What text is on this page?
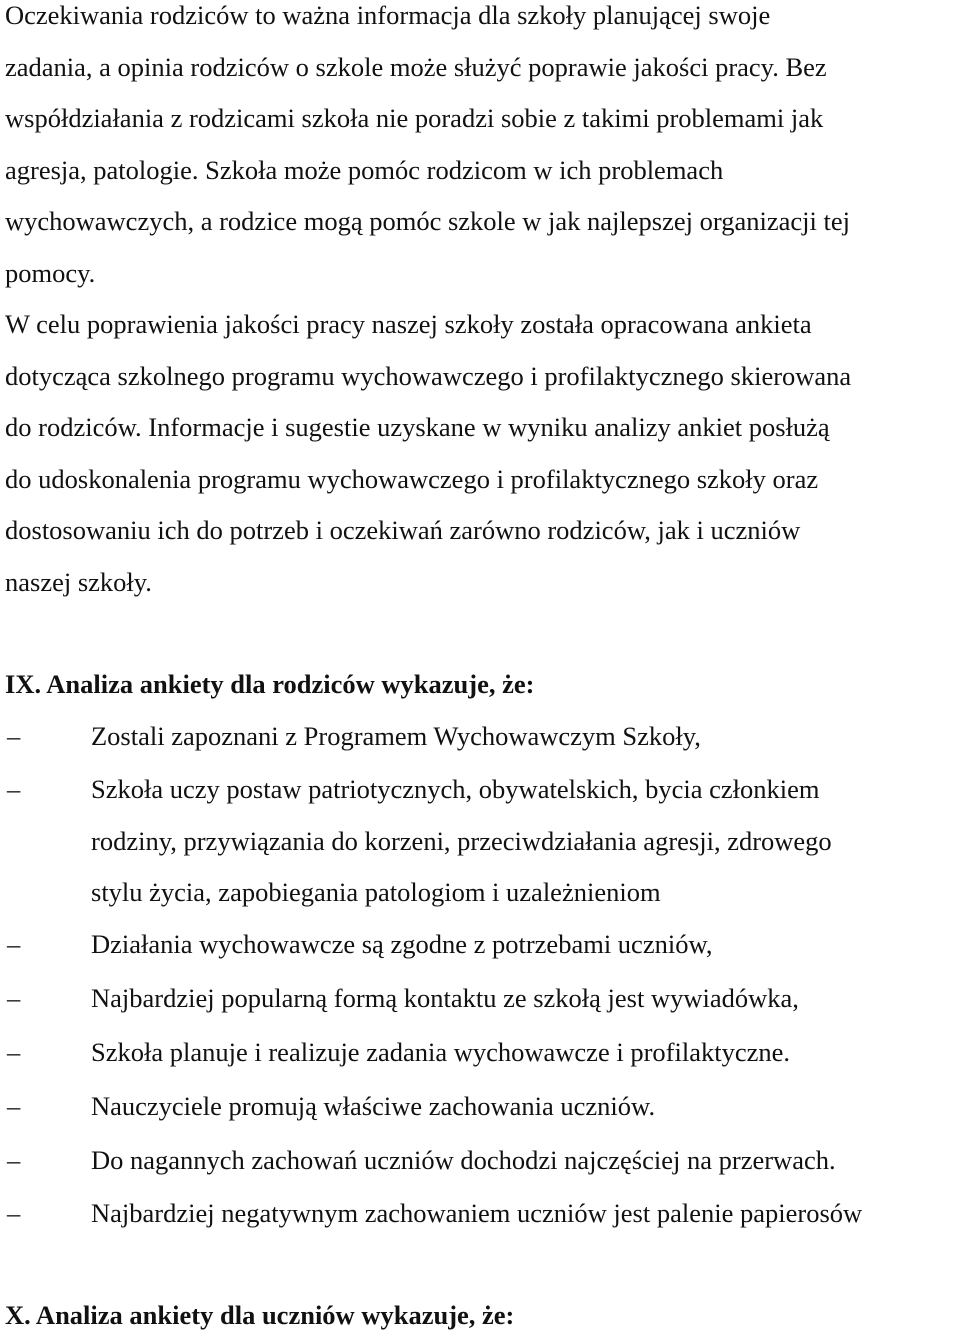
Oczekiwania rodziców to ważna informacja dla szkoły planującej swoje

zadania, a opinia rodziców o szkole może służyć poprawie jakości pracy. Bez

współdziałania z rodzicami szkoła nie poradzi sobie z takimi problemami jak

agresja, patologie. Szkoła może pomóc rodzicom w ich problemach

wychowawczych, a rodzice mogą pomóc szkole w jak najlepszej organizacji tej

pomocy.

W celu poprawienia jakości pracy naszej szkoły została opracowana ankieta

dotycząca szkolnego programu wychowawczego i profilaktycznego skierowana

do rodziców. Informacje i sugestie uzyskane w wyniku analizy ankiet posłużą

do udoskonalenia programu wychowawczego i profilaktycznego szkoły oraz

dostosowaniu ich do potrzeb i oczekiwań zarówno rodziców, jak i uczniów

naszej szkoły.

IX. Analiza ankiety dla rodziców wykazuje, że:
–	Zostali zapoznani z Programem Wychowawczym Szkoły,
–	Szkoła uczy postaw patriotycznych, obywatelskich, bycia członkiem
rodziny, przywiązania do korzeni, przeciwdziałania agresji, zdrowego
stylu życia, zapobiegania patologiom i uzależnieniom
–	Działania wychowawcze są zgodne z potrzebami uczniów,
–	Najbardziej popularną formą kontaktu ze szkołą jest wywiadówka,
–	Szkoła planuje i realizuje zadania wychowawcze i profilaktyczne.
–	Nauczyciele promują właściwe zachowania uczniów.
–	Do nagannych zachowań uczniów dochodzi najczęściej na przerwach.
–	Najbardziej negatywnym zachowaniem uczniów jest palenie papierosów
X. Analiza ankiety dla uczniów wykazuje, że:
